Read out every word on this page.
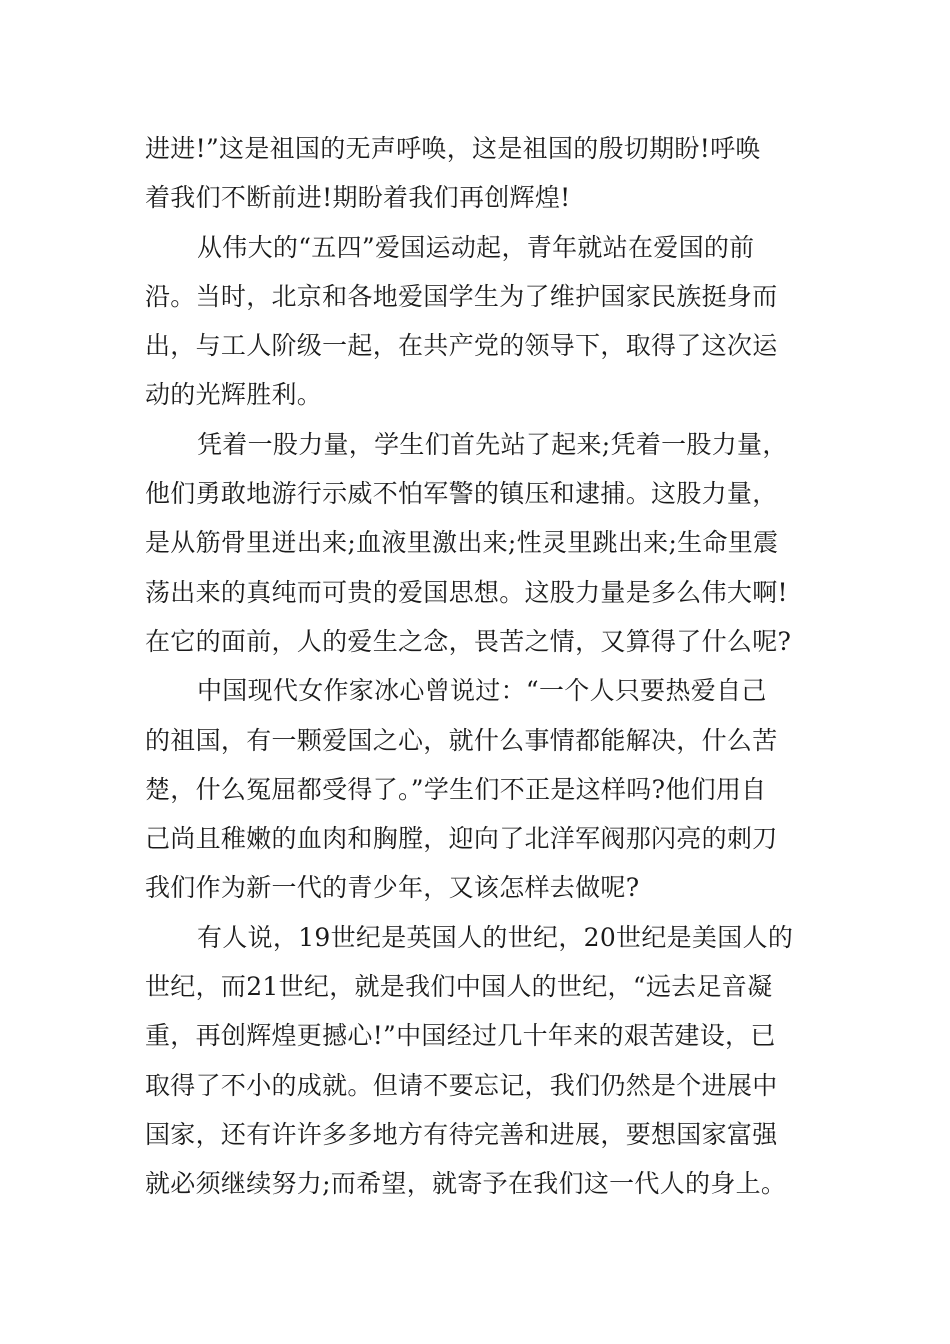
进进!”这是祖国的无声呼唤，这是祖国的殷切期盼!呼唤
着我们不断前进!期盼着我们再创辉煌!
从伟大的“五四”爱国运动起，青年就站在爱国的前
沿。当时，北京和各地爱国学生为了维护国家民族挺身而
出，与工人阶级一起，在共产党的领导下，取得了这次运
动的光辉胜利。
凭着一股力量，学生们首先站了起来;凭着一股力量，
他们勇敢地游行示威不怕军警的镇压和逮捕。这股力量，
是从筋骨里迸出来;血液里激出来;性灵里跳出来;生命里震
荡出来的真纯而可贵的爱国思想。这股力量是多么伟大啊!
在它的面前，人的爱生之念，畏苦之情，又算得了什么呢?
中国现代女作家冰心曾说过：“一个人只要热爱自己
的祖国，有一颗爱国之心，就什么事情都能解决，什么苦
楚，什么冤屈都受得了。”学生们不正是这样吗?他们用自
己尚且稚嫩的血肉和胸膛，迎向了北洋军阀那闪亮的刺刀
我们作为新一代的青少年，又该怎样去做呢?
有人说，19世纪是英国人的世纪，20世纪是美国人的
世纪，而21世纪，就是我们中国人的世纪，“远去足音凝
重，再创辉煌更撼心!”中国经过几十年来的艰苦建设，已
取得了不小的成就。但请不要忘记，我们仍然是个进展中
国家，还有许许多多地方有待完善和进展，要想国家富强
就必须继续努力;而希望，就寄予在我们这一代人的身上。
